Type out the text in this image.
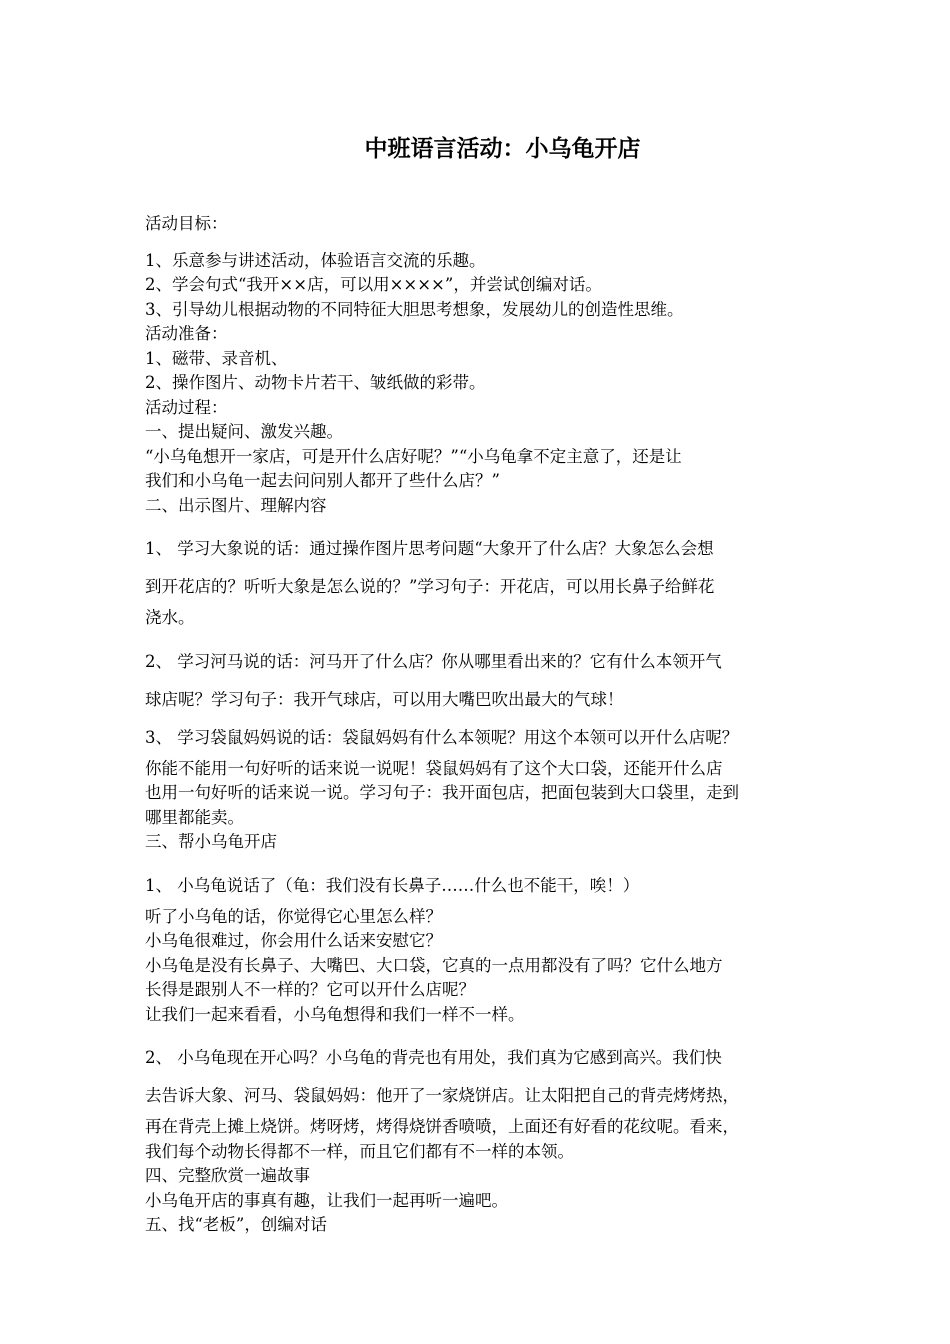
中班语言活动：小乌龟开店

活动目标：

1、乐意参与讲述活动，体验语言交流的乐趣。

2、学会句式“我开××店，可以用××××”，并尝试创编对话。

3、引导幼儿根据动物的不同特征大胆思考想象，发展幼儿的创造性思维。

活动准备：

1、磁带、录音机、

2、操作图片、动物卡片若干、皱纸做的彩带。

活动过程：

一、提出疑问、激发兴趣。

“小乌龟想开一家店，可是开什么店好呢？”“小乌龟拿不定主意了，还是让

我们和小乌龟一起去问问别人都开了些什么店？”

二、出示图片、理解内容

1、 学习大象说的话：通过操作图片思考问题“大象开了什么店？大象怎么会想

到开花店的？听听大象是怎么说的？”学习句子：开花店，可以用长鼻子给鲜花

浇水。

2、 学习河马说的话：河马开了什么店？你从哪里看出来的？它有什么本领开气

球店呢？学习句子：我开气球店，可以用大嘴巴吹出最大的气球！

3、 学习袋鼠妈妈说的话：袋鼠妈妈有什么本领呢？用这个本领可以开什么店呢？

你能不能用一句好听的话来说一说呢！袋鼠妈妈有了这个大口袋，还能开什么店

也用一句好听的话来说一说。学习句子：我开面包店，把面包装到大口袋里，走到

哪里都能卖。

三、帮小乌龟开店

1、 小乌龟说话了（龟：我们没有长鼻子……什么也不能干，唉！）

听了小乌龟的话，你觉得它心里怎么样？

小乌龟很难过，你会用什么话来安慰它？

小乌龟是没有长鼻子、大嘴巴、大口袋，它真的一点用都没有了吗？它什么地方

长得是跟别人不一样的？它可以开什么店呢？

让我们一起来看看，小乌龟想得和我们一样不一样。

2、 小乌龟现在开心吗？小乌龟的背壳也有用处，我们真为它感到高兴。我们快

去告诉大象、河马、袋鼠妈妈：他开了一家烧饼店。让太阳把自己的背壳烤烤热，

再在背壳上摊上烧饼。烤呀烤，烤得烧饼香喷喷，上面还有好看的花纹呢。看来，

我们每个动物长得都不一样，而且它们都有不一样的本领。

四、完整欣赏一遍故事

小乌龟开店的事真有趣，让我们一起再听一遍吧。

五、找“老板”，创编对话
